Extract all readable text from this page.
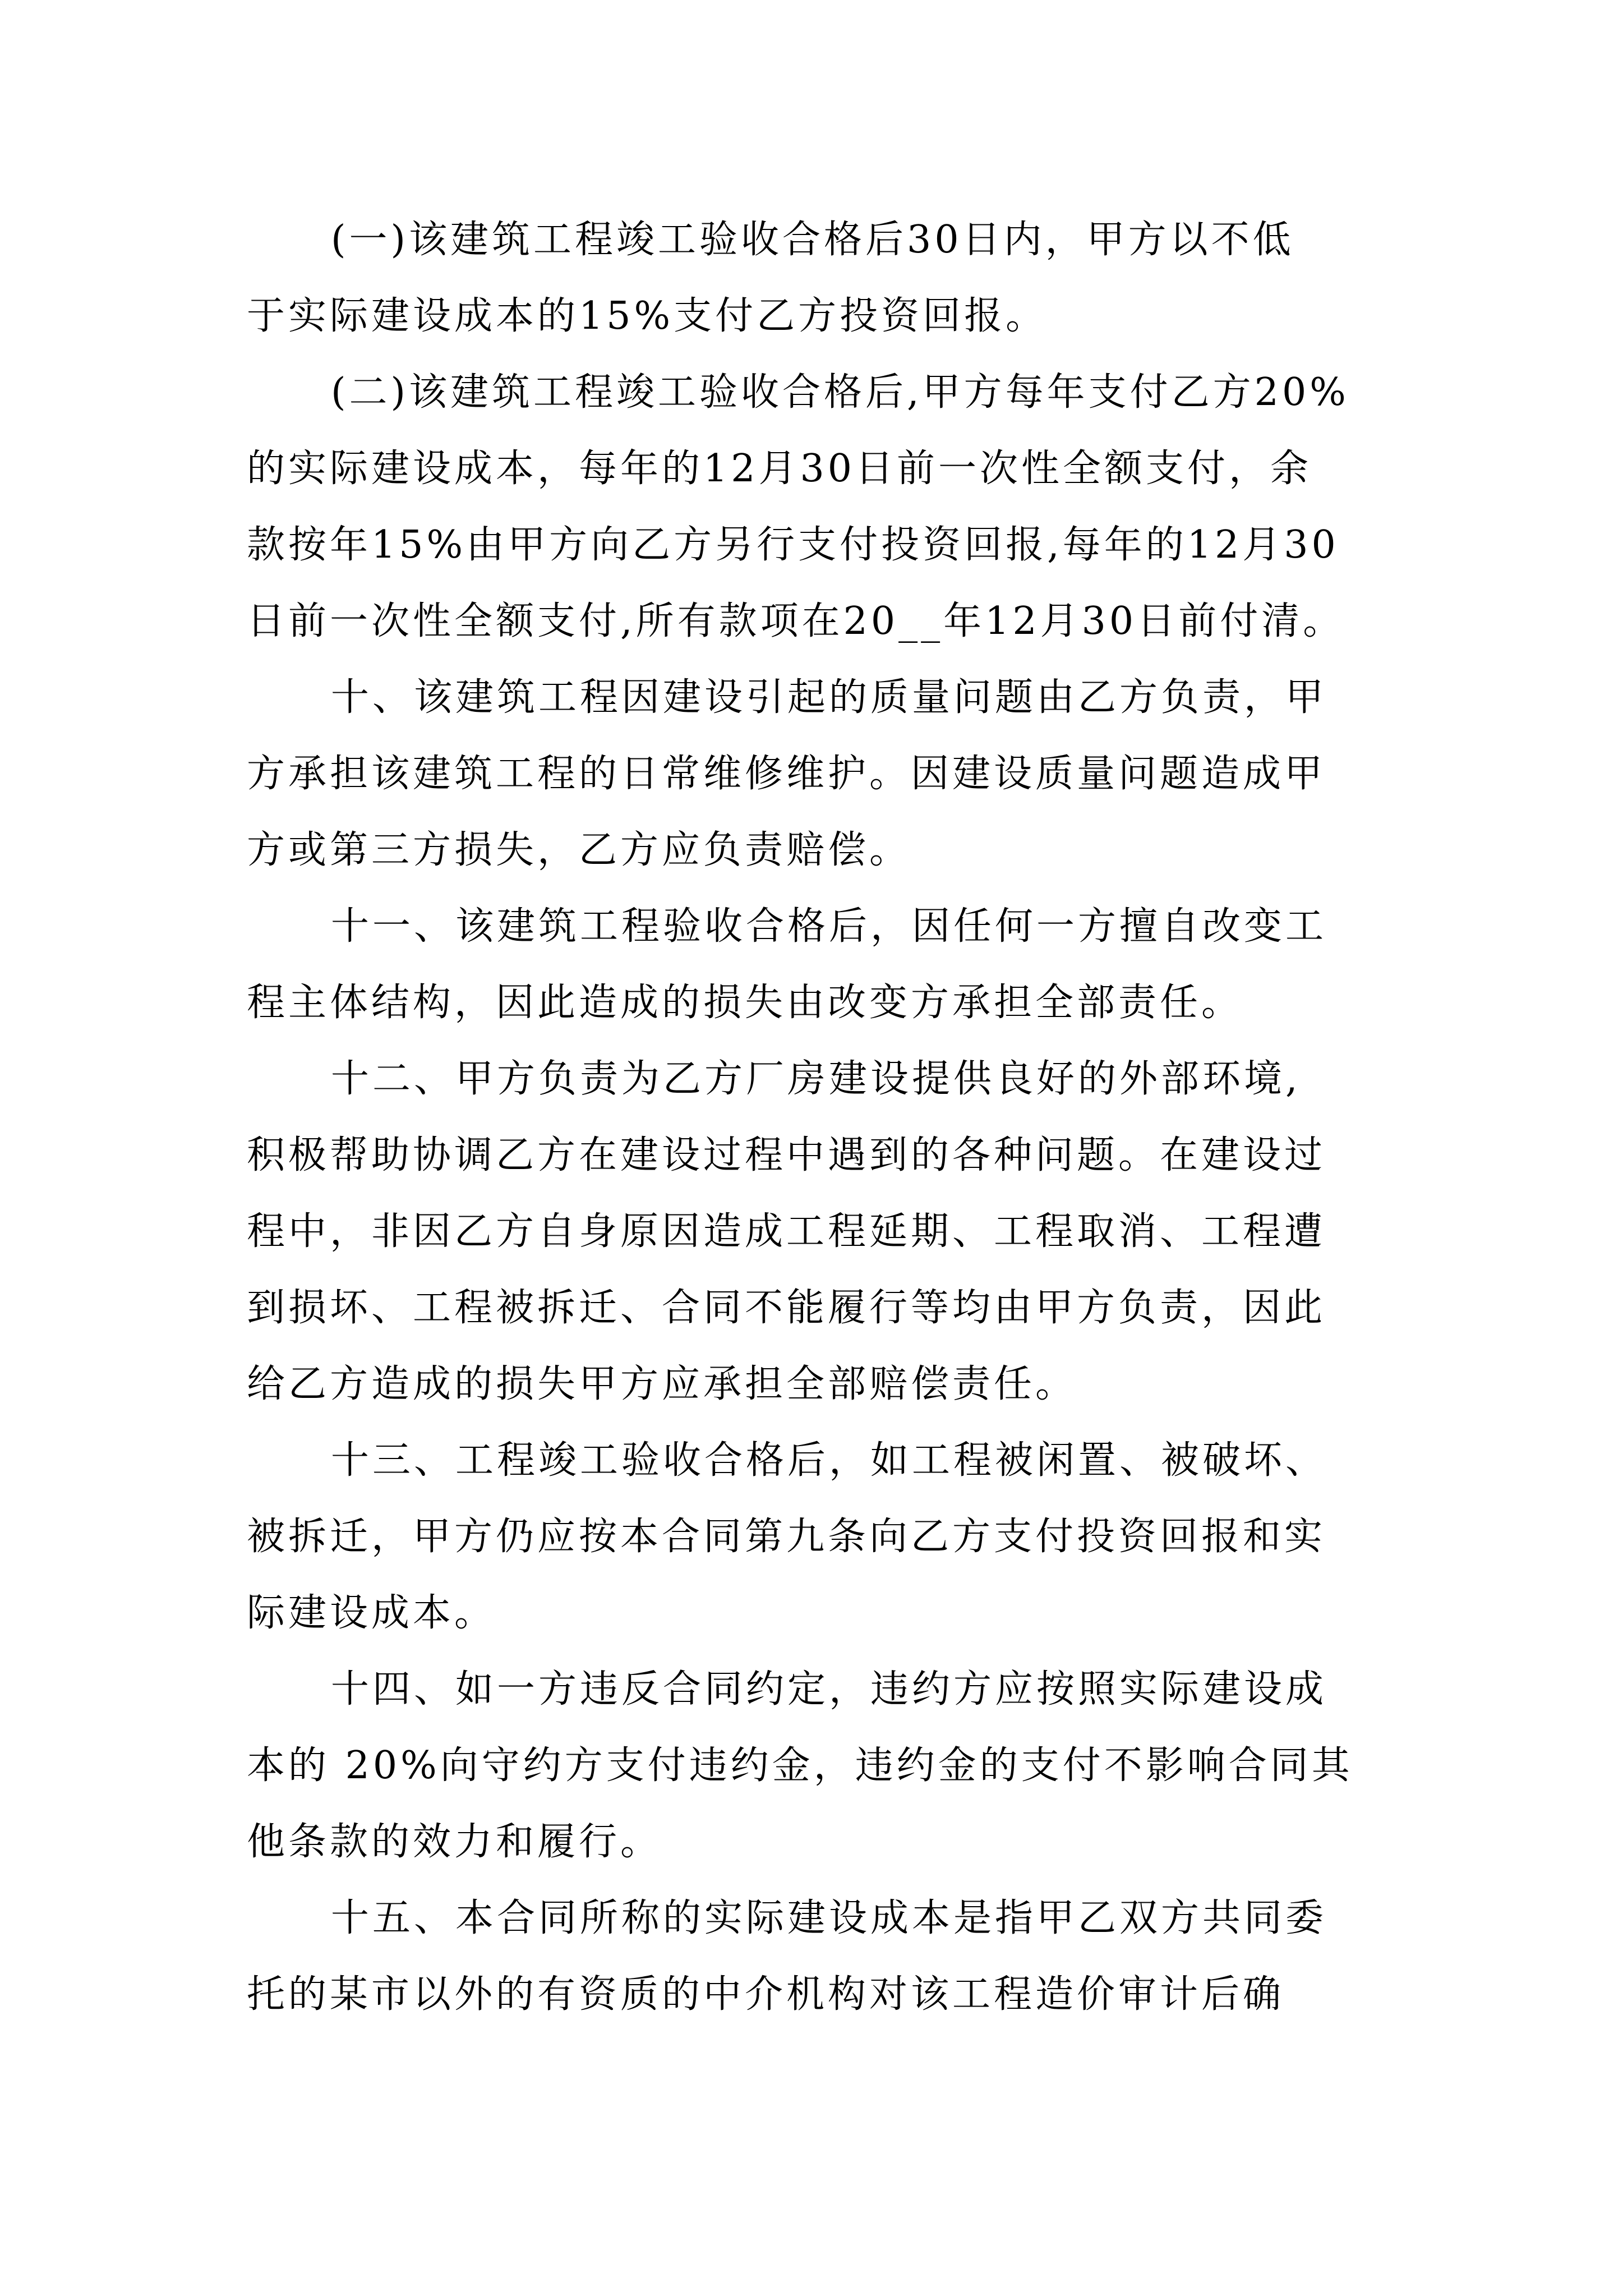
(一)该建筑工程竣工验收合格后30日内，甲方以不低
于实际建设成本的15%支付乙方投资回报。
(二)该建筑工程竣工验收合格后,甲方每年支付乙方20%
的实际建设成本，每年的12月30日前一次性全额支付，余
款按年15%由甲方向乙方另行支付投资回报,每年的12月30
日前一次性全额支付,所有款项在20__年12月30日前付清。
十、该建筑工程因建设引起的质量问题由乙方负责，甲
方承担该建筑工程的日常维修维护。因建设质量问题造成甲
方或第三方损失，乙方应负责赔偿。
十一、该建筑工程验收合格后，因任何一方擅自改变工
程主体结构，因此造成的损失由改变方承担全部责任。
十二、甲方负责为乙方厂房建设提供良好的外部环境,
积极帮助协调乙方在建设过程中遇到的各种问题。在建设过
程中，非因乙方自身原因造成工程延期、工程取消、工程遭
到损坏、工程被拆迁、合同不能履行等均由甲方负责，因此
给乙方造成的损失甲方应承担全部赔偿责任。
十三、工程竣工验收合格后，如工程被闲置、被破坏、
被拆迁，甲方仍应按本合同第九条向乙方支付投资回报和实
际建设成本。
十四、如一方违反合同约定，违约方应按照实际建设成
本的 20%向守约方支付违约金，违约金的支付不影响合同其
他条款的效力和履行。
十五、本合同所称的实际建设成本是指甲乙双方共同委
托的某市以外的有资质的中介机构对该工程造价审计后确
